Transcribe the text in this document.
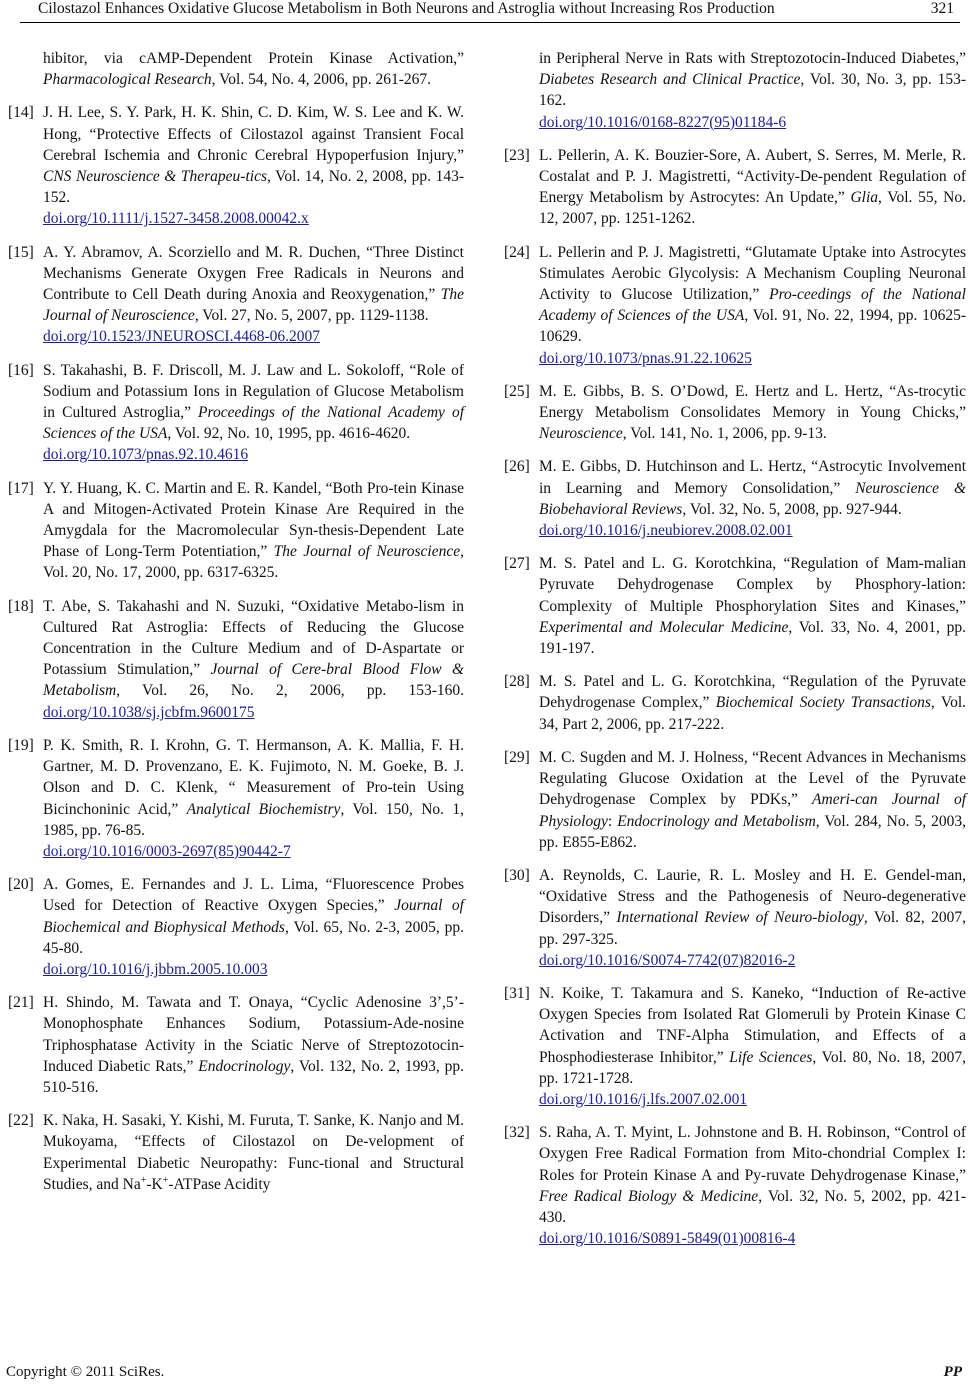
Cilostazol Enhances Oxidative Glucose Metabolism in Both Neurons and Astroglia without Increasing Ros Production	321
hibitor, via cAMP-Dependent Protein Kinase Activation,” Pharmacological Research, Vol. 54, No. 4, 2006, pp. 261-267.
[14] J. H. Lee, S. Y. Park, H. K. Shin, C. D. Kim, W. S. Lee and K. W. Hong, “Protective Effects of Cilostazol against Transient Focal Cerebral Ischemia and Chronic Cerebral Hypoperfusion Injury,” CNS Neuroscience & Therapeu-tics, Vol. 14, No. 2, 2008, pp. 143-152.
doi.org/10.1111/j.1527-3458.2008.00042.x
[15] A. Y. Abramov, A. Scorziello and M. R. Duchen, “Three Distinct Mechanisms Generate Oxygen Free Radicals in Neurons and Contribute to Cell Death during Anoxia and Reoxygenation,” The Journal of Neuroscience, Vol. 27, No. 5, 2007, pp. 1129-1138.
doi.org/10.1523/JNEUROSCI.4468-06.2007
[16] S. Takahashi, B. F. Driscoll, M. J. Law and L. Sokoloff, “Role of Sodium and Potassium Ions in Regulation of Glucose Metabolism in Cultured Astroglia,” Proceedings of the National Academy of Sciences of the USA, Vol. 92, No. 10, 1995, pp. 4616-4620.
doi.org/10.1073/pnas.92.10.4616
[17] Y. Y. Huang, K. C. Martin and E. R. Kandel, “Both Pro-tein Kinase A and Mitogen-Activated Protein Kinase Are Required in the Amygdala for the Macromolecular Syn-thesis-Dependent Late Phase of Long-Term Potentiation,” The Journal of Neuroscience, Vol. 20, No. 17, 2000, pp. 6317-6325.
[18] T. Abe, S. Takahashi and N. Suzuki, “Oxidative Metabo-lism in Cultured Rat Astroglia: Effects of Reducing the Glucose Concentration in the Culture Medium and of D-Aspartate or Potassium Stimulation,” Journal of Cere-bral Blood Flow & Metabolism, Vol. 26, No. 2, 2006, pp. 153-160. doi.org/10.1038/sj.jcbfm.9600175
[19] P. K. Smith, R. I. Krohn, G. T. Hermanson, A. K. Mallia, F. H. Gartner, M. D. Provenzano, E. K. Fujimoto, N. M. Goeke, B. J. Olson and D. C. Klenk, “ Measurement of Pro-tein Using Bicinchoninic Acid,” Analytical Biochemistry, Vol. 150, No. 1, 1985, pp. 76-85.
doi.org/10.1016/0003-2697(85)90442-7
[20] A. Gomes, E. Fernandes and J. L. Lima, “Fluorescence Probes Used for Detection of Reactive Oxygen Species,” Journal of Biochemical and Biophysical Methods, Vol. 65, No. 2-3, 2005, pp. 45-80.
doi.org/10.1016/j.jbbm.2005.10.003
[21] H. Shindo, M. Tawata and T. Onaya, “Cyclic Adenosine 3’,5’-Monophosphate Enhances Sodium, Potassium-Ade-nosine Triphosphatase Activity in the Sciatic Nerve of Streptozotocin-Induced Diabetic Rats,” Endocrinology, Vol. 132, No. 2, 1993, pp. 510-516.
[22] K. Naka, H. Sasaki, Y. Kishi, M. Furuta, T. Sanke, K. Nanjo and M. Mukoyama, “Effects of Cilostazol on De-velopment of Experimental Diabetic Neuropathy: Func-tional and Structural Studies, and Na+-K+-ATPase Acidity
in Peripheral Nerve in Rats with Streptozotocin-Induced Diabetes,” Diabetes Research and Clinical Practice, Vol. 30, No. 3, pp. 153-162.
doi.org/10.1016/0168-8227(95)01184-6
[23] L. Pellerin, A. K. Bouzier-Sore, A. Aubert, S. Serres, M. Merle, R. Costalat and P. J. Magistretti, “Activity-De-pendent Regulation of Energy Metabolism by Astrocytes: An Update,” Glia, Vol. 55, No. 12, 2007, pp. 1251-1262.
[24] L. Pellerin and P. J. Magistretti, “Glutamate Uptake into Astrocytes Stimulates Aerobic Glycolysis: A Mechanism Coupling Neuronal Activity to Glucose Utilization,” Pro-ceedings of the National Academy of Sciences of the USA, Vol. 91, No. 22, 1994, pp. 10625-10629.
doi.org/10.1073/pnas.91.22.10625
[25] M. E. Gibbs, B. S. O’Dowd, E. Hertz and L. Hertz, “As-trocytic Energy Metabolism Consolidates Memory in Young Chicks,” Neuroscience, Vol. 141, No. 1, 2006, pp. 9-13.
[26] M. E. Gibbs, D. Hutchinson and L. Hertz, “Astrocytic Involvement in Learning and Memory Consolidation,” Neuroscience & Biobehavioral Reviews, Vol. 32, No. 5, 2008, pp. 927-944.
doi.org/10.1016/j.neubiorev.2008.02.001
[27] M. S. Patel and L. G. Korotchkina, “Regulation of Mam-malian Pyruvate Dehydrogenase Complex by Phosphory-lation: Complexity of Multiple Phosphorylation Sites and Kinases,” Experimental and Molecular Medicine, Vol. 33, No. 4, 2001, pp. 191-197.
[28] M. S. Patel and L. G. Korotchkina, “Regulation of the Pyruvate Dehydrogenase Complex,” Biochemical Society Transactions, Vol. 34, Part 2, 2006, pp. 217-222.
[29] M. C. Sugden and M. J. Holness, “Recent Advances in Mechanisms Regulating Glucose Oxidation at the Level of the Pyruvate Dehydrogenase Complex by PDKs,” Ameri-can Journal of Physiology: Endocrinology and Metabolism, Vol. 284, No. 5, 2003, pp. E855-E862.
[30] A. Reynolds, C. Laurie, R. L. Mosley and H. E. Gendel-man, “Oxidative Stress and the Pathogenesis of Neuro-degenerative Disorders,” International Review of Neuro-biology, Vol. 82, 2007, pp. 297-325.
doi.org/10.1016/S0074-7742(07)82016-2
[31] N. Koike, T. Takamura and S. Kaneko, “Induction of Re-active Oxygen Species from Isolated Rat Glomeruli by Protein Kinase C Activation and TNF-Alpha Stimulation, and Effects of a Phosphodiesterase Inhibitor,” Life Sciences, Vol. 80, No. 18, 2007, pp. 1721-1728.
doi.org/10.1016/j.lfs.2007.02.001
[32] S. Raha, A. T. Myint, L. Johnstone and B. H. Robinson, “Control of Oxygen Free Radical Formation from Mito-chondrial Complex I: Roles for Protein Kinase A and Py-ruvate Dehydrogenase Kinase,” Free Radical Biology & Medicine, Vol. 32, No. 5, 2002, pp. 421-430.
doi.org/10.1016/S0891-5849(01)00816-4
Copyright © 2011 SciRes.	PP
